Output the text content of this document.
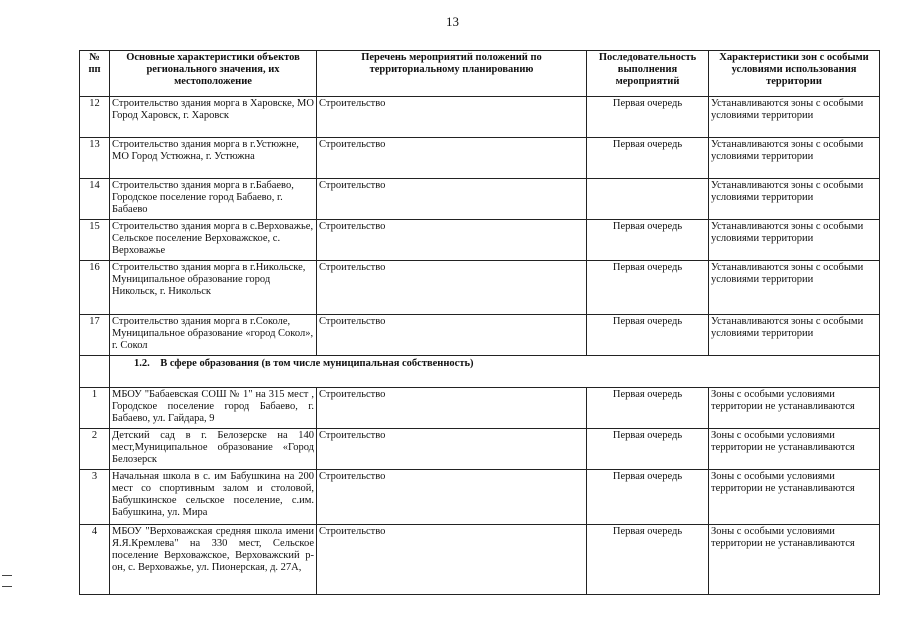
13
№ пп	Основные характеристики объектов регионального значения, их местоположение	Перечень мероприятий положений по территориальному планированию	Последовательность выполнения мероприятий	Характеристики зон с особыми условиями использования территории
12	Строительство здания морга в Харовске, МО Город Харовск, г. Харовск	Строительство	Первая очередь	Устанавливаются зоны с особыми условиями территории
13	Строительство здания морга в г.Устюжне, МО Город Устюжна, г. Устюжна	Строительство	Первая очередь	Устанавливаются зоны с особыми условиями территории
14	Строительство здания морга в г.Бабаево, Городское поселение город Бабаево, г. Бабаево	Строительство		Устанавливаются зоны с особыми условиями территории
15	Строительство здания морга в с.Верховажье, Сельское поселение Верховажское, с. Верховажье	Строительство	Первая очередь	Устанавливаются зоны с особыми условиями территории
16	Строительство здания морга в г.Никольске, Муниципальное образование город Никольск, г. Никольск	Строительство	Первая очередь	Устанавливаются зоны с особыми условиями территории
17	Строительство здания морга в г.Соколе, Муниципальное образование «город Сокол», г. Сокол	Строительство	Первая очередь	Устанавливаются зоны с особыми условиями территории
	1.2. В сфере образования (в том числе муниципальная собственность)			
1	МБОУ "Бабаевская СОШ № 1" на 315 мест , Городское поселение город Бабаево, г. Бабаево, ул. Гайдара, 9	Строительство	Первая очередь	Зоны с особыми условиями территории не устанавливаются
2	Детский сад в г. Белозерске на 140 мест,Муниципальное образование «Город Белозерск	Строительство	Первая очередь	Зоны с особыми условиями территории не устанавливаются
3	Начальная школа в с. им Бабушкина на 200 мест со спортивным залом и столовой, Бабушкинское сельское поселение, с.им. Бабушкина, ул. Мира	Строительство	Первая очередь	Зоны с особыми условиями территории не устанавливаются
4	МБОУ "Верховажская средняя школа имени Я.Я.Кремлева" на 330 мест, Сельское поселение Верховажское, Верховажский р-он, с. Верховажье, ул. Пионерская, д. 27А,	Строительство	Первая очередь	Зоны с особыми условиями территории не устанавливаются
